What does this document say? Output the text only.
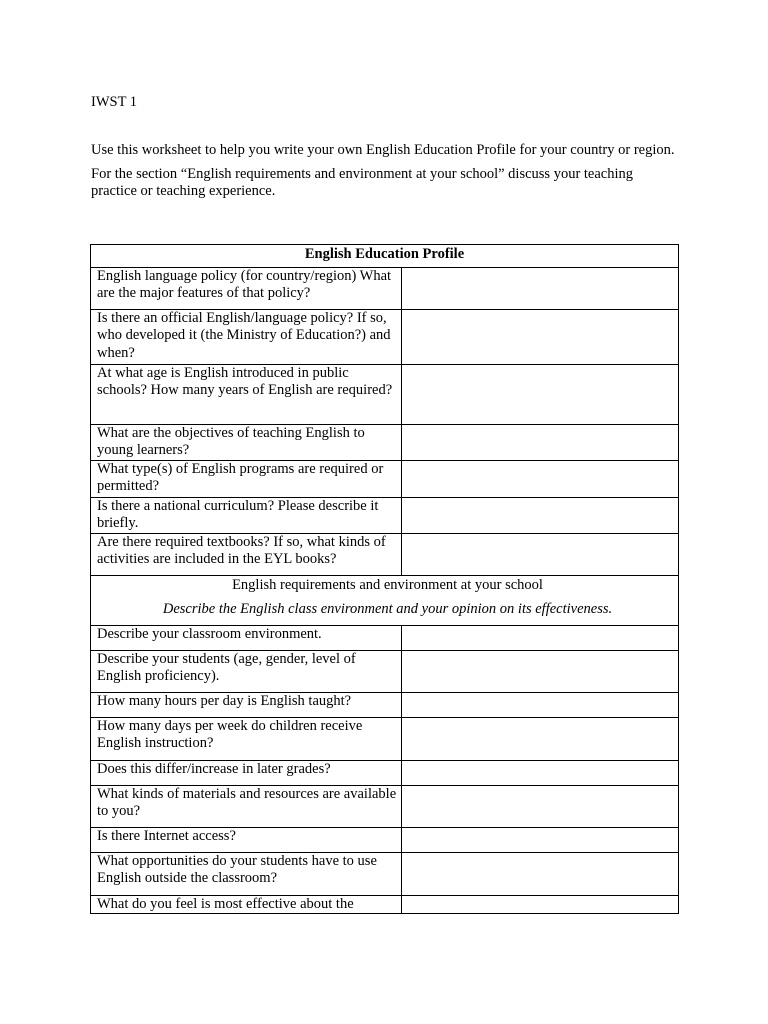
IWST 1

Use this worksheet to help you write your own English Education Profile for your country or region.

For the section “English requirements and environment at your school” discuss your teaching practice or teaching experience.

English Education Profile	
English language policy (for country/region) What are the major features of that policy?	
Is there an official English/language policy? If so, who developed it (the Ministry of Education?) and when?	
At what age is English introduced in public schools? How many years of English are required?	
What are the objectives of teaching English to young learners?	
What type(s) of English programs are required or permitted?	
Is there a national curriculum? Please describe it briefly.	
Are there required textbooks? If so, what kinds of activities are included in the EYL books?	

English requirements and environment at your school
Describe the English class environment and your opinion on its effectiveness.	

Describe your classroom environment.	
Describe your students (age, gender, level of English proficiency).	
How many hours per day is English taught?	
How many days per week do children receive English instruction?	
Does this differ/increase in later grades?	
What kinds of materials and resources are available to you?	
Is there Internet access?	
What opportunities do your students have to use English outside the classroom?	
What do you feel is most effective about the	
